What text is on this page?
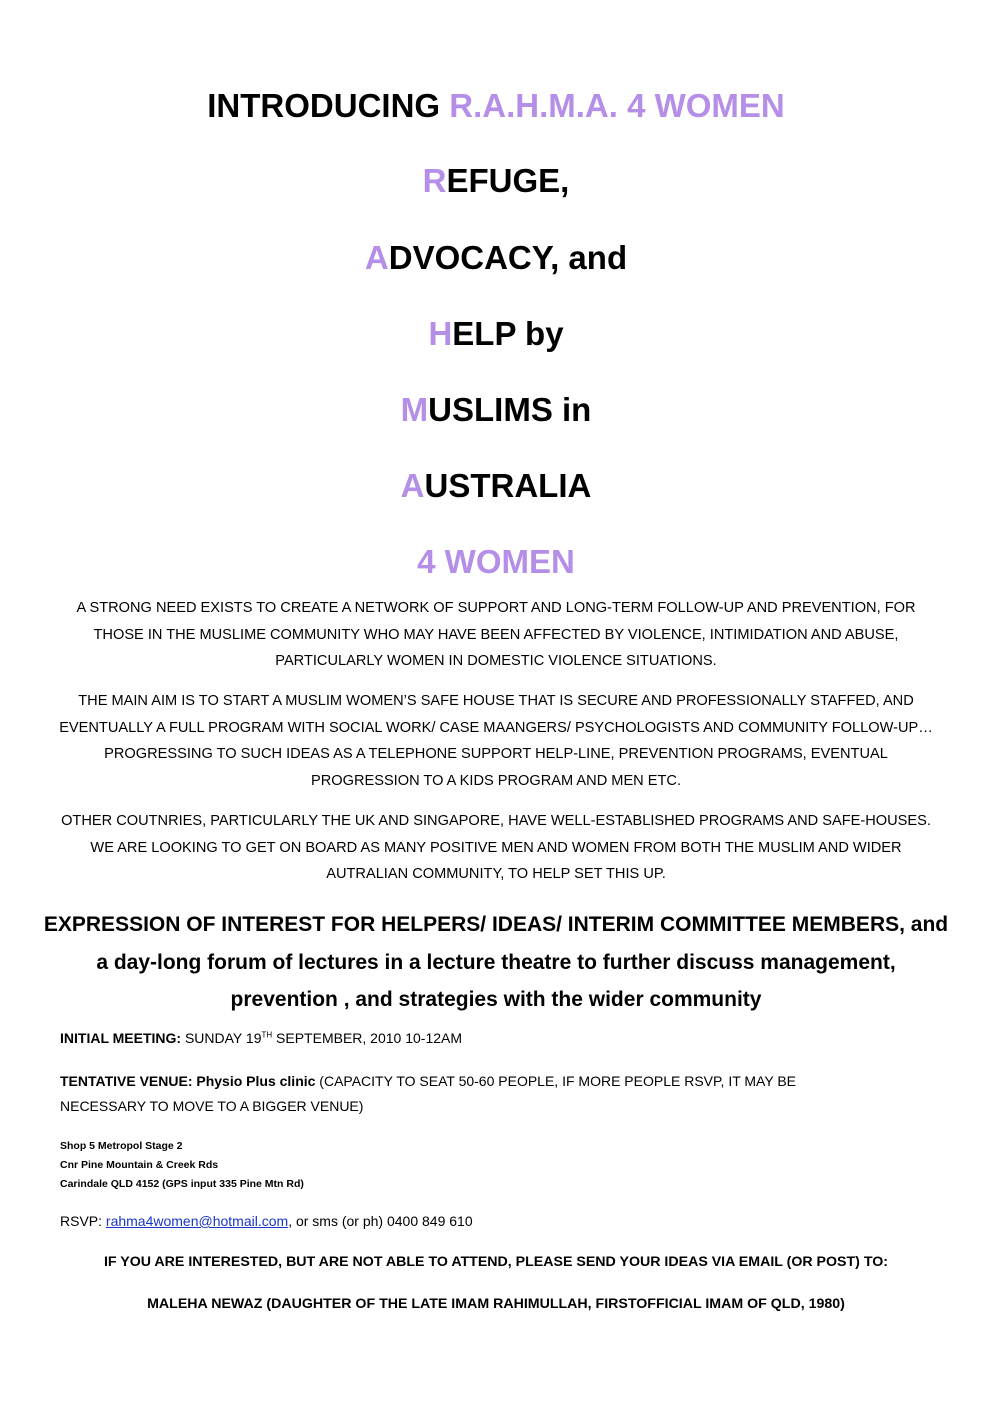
INTRODUCING R.A.H.M.A. 4 WOMEN
REFUGE,
ADVOCACY, and
HELP by
MUSLIMS in
AUSTRALIA
4 WOMEN
A STRONG NEED EXISTS TO CREATE A NETWORK OF SUPPORT AND LONG-TERM FOLLOW-UP AND PREVENTION, FOR THOSE IN THE MUSLIME COMMUNITY WHO MAY HAVE BEEN AFFECTED BY VIOLENCE, INTIMIDATION AND ABUSE, PARTICULARLY WOMEN IN DOMESTIC VIOLENCE SITUATIONS.
THE MAIN AIM IS TO START A MUSLIM WOMEN’S SAFE HOUSE THAT IS SECURE AND PROFESSIONALLY STAFFED, AND EVENTUALLY A FULL PROGRAM WITH SOCIAL WORK/ CASE MAANGERS/ PSYCHOLOGISTS AND COMMUNITY FOLLOW-UP… PROGRESSING TO SUCH IDEAS AS A TELEPHONE SUPPORT HELP-LINE, PREVENTION PROGRAMS, EVENTUAL PROGRESSION TO A KIDS PROGRAM AND MEN ETC.
OTHER COUTNRIES, PARTICULARLY THE UK AND SINGAPORE, HAVE WELL-ESTABLISHED PROGRAMS AND SAFE-HOUSES. WE ARE LOOKING TO GET ON BOARD AS MANY POSITIVE MEN AND WOMEN FROM BOTH THE MUSLIM AND WIDER AUTRALIAN COMMUNITY, TO HELP SET THIS UP.
EXPRESSION OF INTEREST FOR HELPERS/ IDEAS/ INTERIM COMMITTEE MEMBERS, and a day-long forum of lectures in a lecture theatre to further discuss management, prevention , and strategies with the wider community
INITIAL MEETING: SUNDAY 19TH SEPTEMBER, 2010 10-12AM
TENTATIVE VENUE: Physio Plus clinic (CAPACITY TO SEAT 50-60 PEOPLE, IF MORE PEOPLE RSVP, IT MAY BE
NECESSARY TO MOVE TO A BIGGER VENUE)
Shop 5 Metropol Stage 2
Cnr Pine Mountain & Creek Rds
Carindale QLD 4152 (GPS input 335 Pine Mtn Rd)
RSVP: rahma4women@hotmail.com, or sms (or ph) 0400 849 610
IF YOU ARE INTERESTED, BUT ARE NOT ABLE TO ATTEND, PLEASE SEND YOUR IDEAS VIA EMAIL (OR POST) TO:
MALEHA NEWAZ (DAUGHTER OF THE LATE IMAM RAHIMULLAH, FIRSTOFFICIAL IMAM OF QLD, 1980)
